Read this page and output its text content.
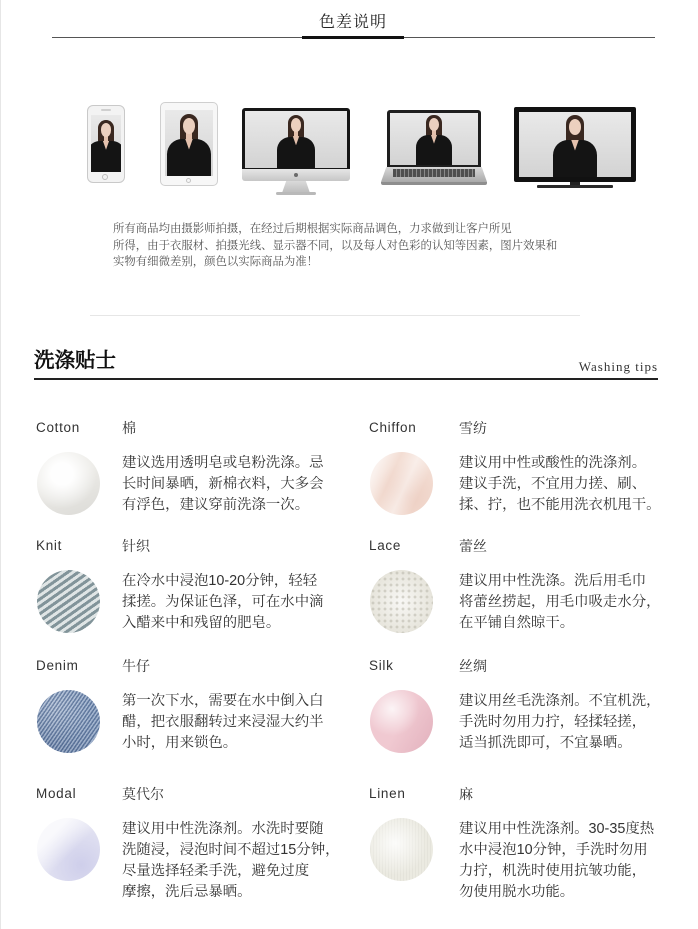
色差说明
所有商品均由摄影师拍摄，在经过后期根据实际商品调色，力求做到让客户所见
所得，由于衣服材、拍摄光线、显示器不同，以及每人对色彩的认知等因素，图片效果和
实物有细微差别，颜色以实际商品为准！
洗涤贴士	Washing tips
Cotton	棉
建议选用透明皂或皂粉洗涤。忌
长时间暴晒，新棉衣料，大多会
有浮色，建议穿前洗涤一次。
Chiffon	雪纺
建议用中性或酸性的洗涤剂。
建议手洗，不宜用力搓、刷、
揉、拧，也不能用洗衣机甩干。
Knit	针织
在冷水中浸泡10-20分钟，轻轻
揉搓。为保证色泽，可在水中滴
入醋来中和残留的肥皂。
Lace	蕾丝
建议用中性洗涤。洗后用毛巾
将蕾丝捞起，用毛巾吸走水分，
在平铺自然晾干。
Denim	牛仔
第一次下水，需要在水中倒入白
醋，把衣服翻转过来浸湿大约半
小时，用来锁色。
Silk	丝绸
建议用丝毛洗涤剂。不宜机洗，
手洗时勿用力拧，轻揉轻搓，
适当抓洗即可，不宜暴晒。
Modal	莫代尔
建议用中性洗涤剂。水洗时要随
洗随浸，浸泡时间不超过15分钟，
尽量选择轻柔手洗，避免过度
摩擦，洗后忌暴晒。
Linen	麻
建议用中性洗涤剂。30-35度热
水中浸泡10分钟，手洗时勿用
力拧，机洗时使用抗皱功能，
勿使用脱水功能。
